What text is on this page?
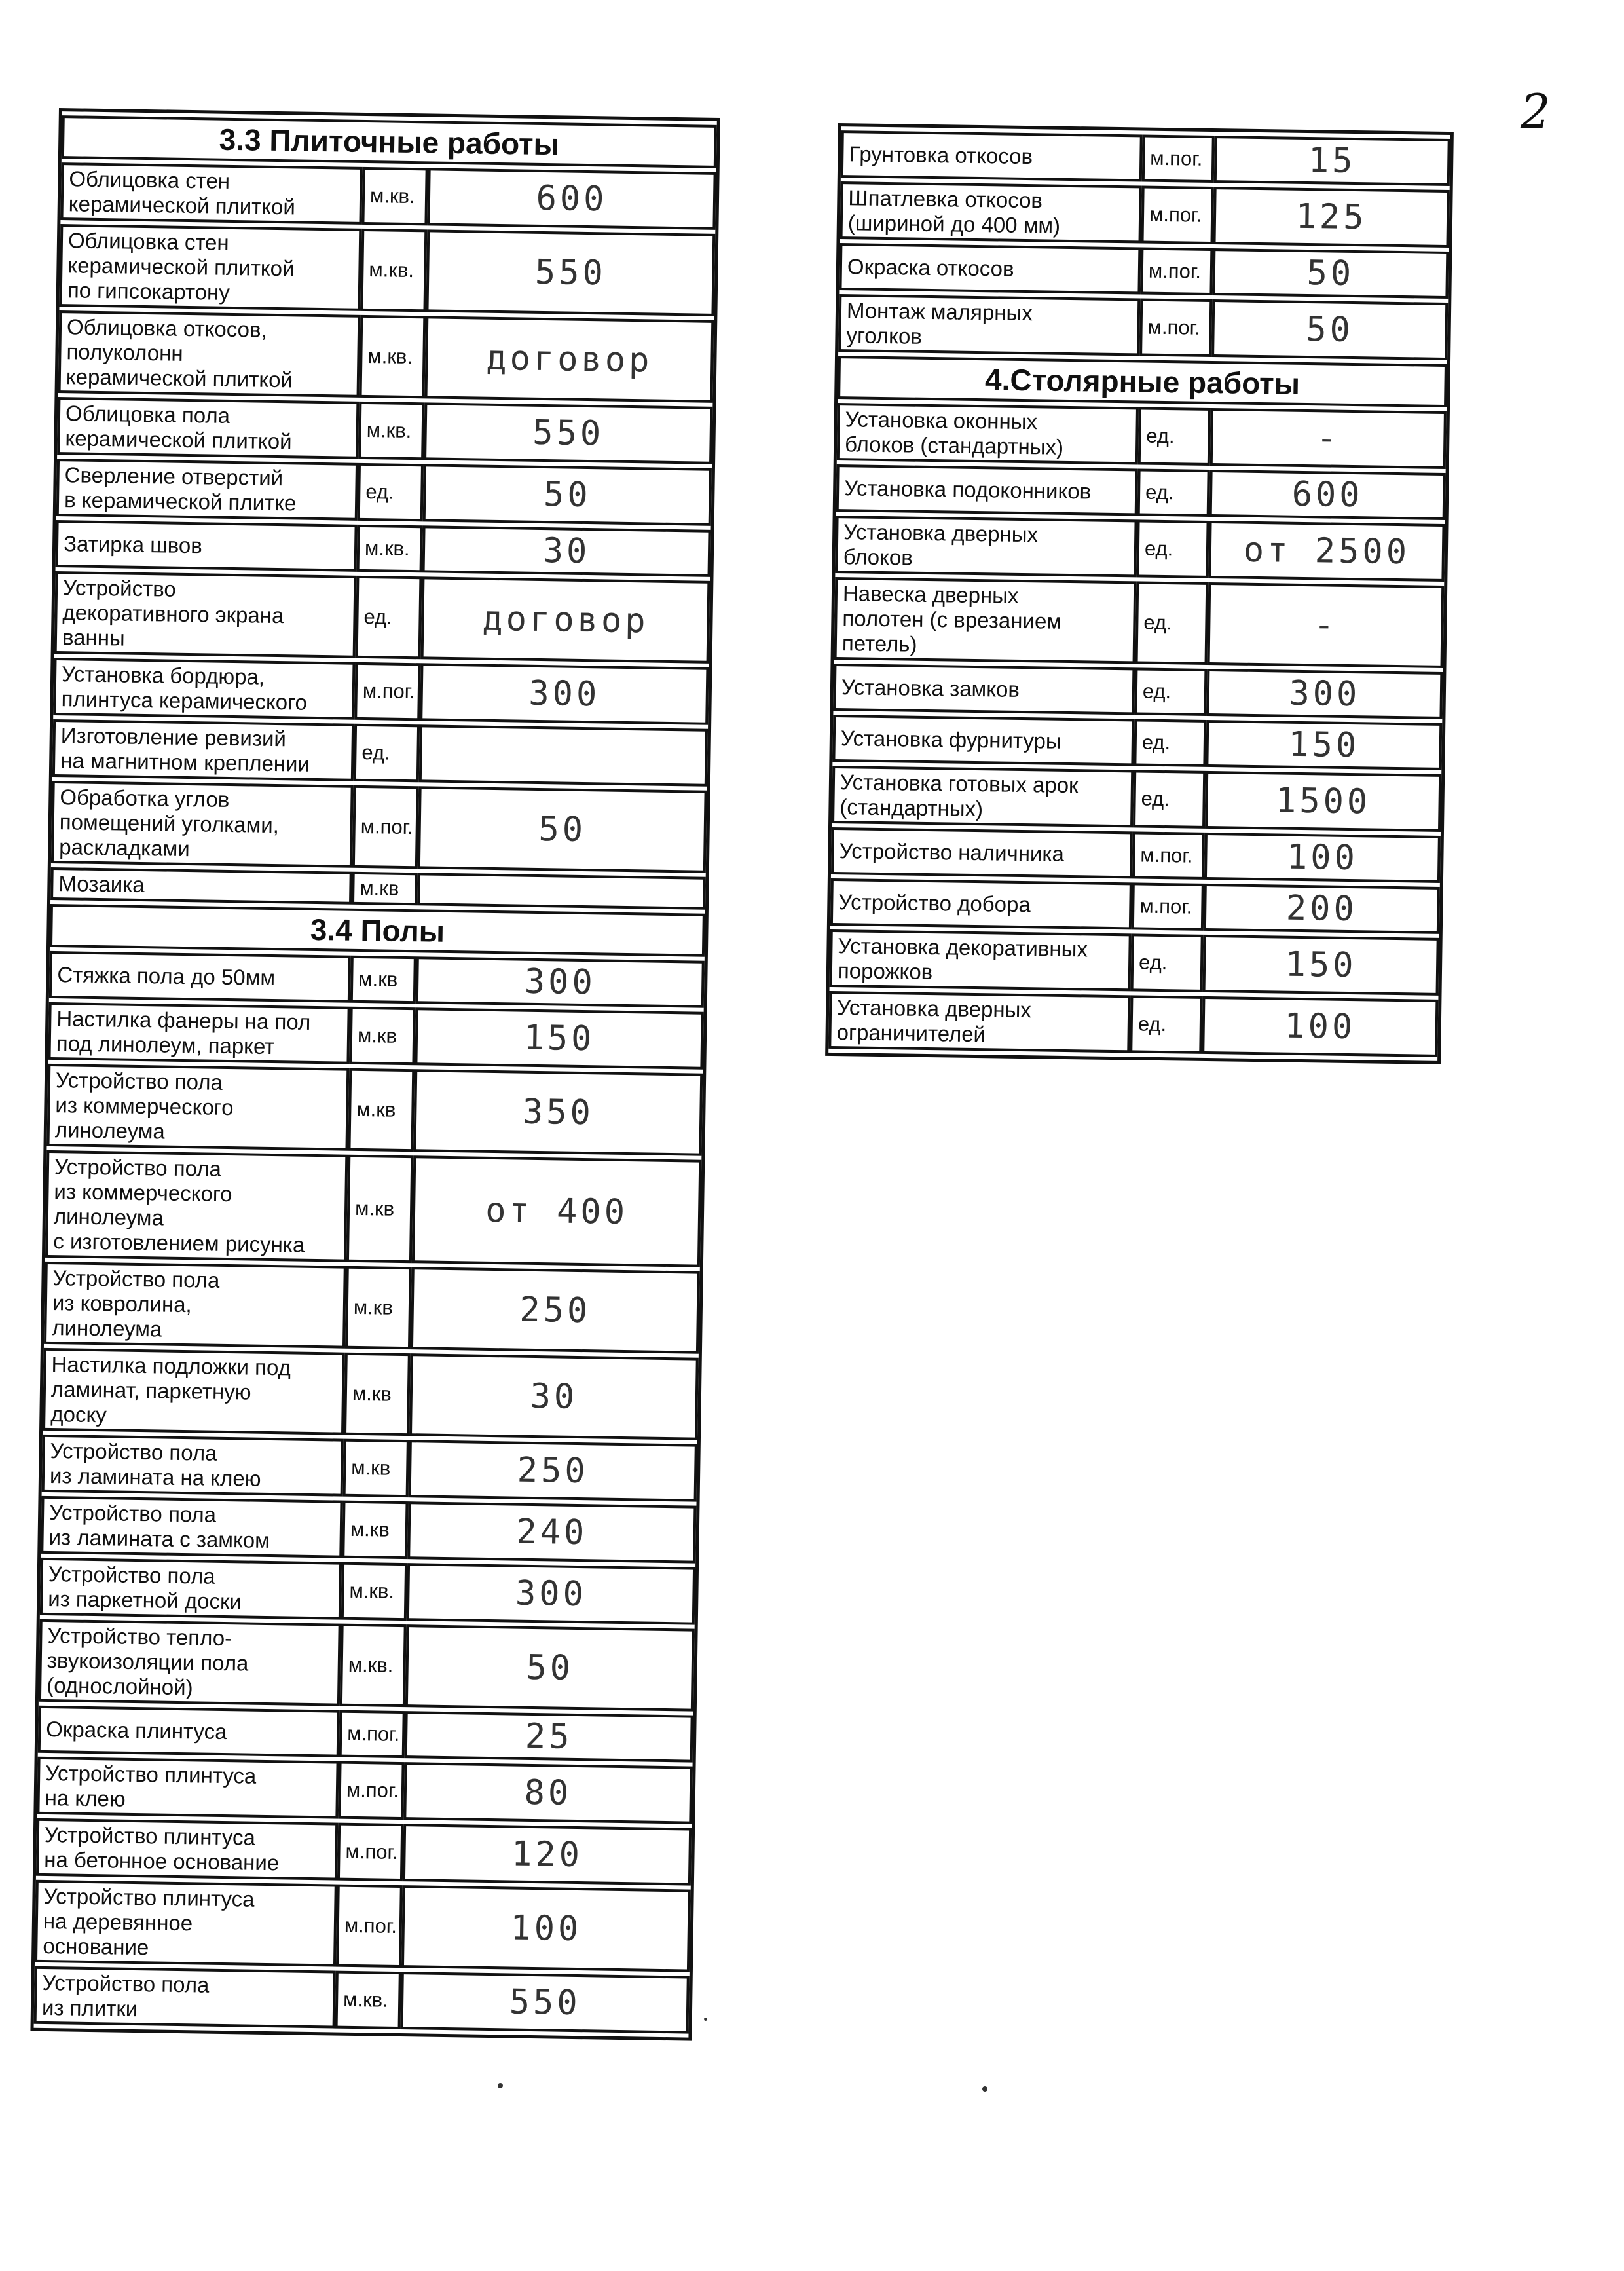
2
3.3 Плиточные работы		

Облицовка стен
керамической плиткой	м.кв.	600

Облицовка стен
керамической плиткой
по гипсокартону	м.кв.	550

Облицовка откосов,
полуколонн
керамической плиткой	м.кв.	договор

Облицовка пола
керамической плиткой	м.кв.	550

Сверление отверстий
в керамической плитке	ед.	50

Затирка швов	м.кв.	30

Устройство
декоративного экрана
ванны	ед.	договор

Установка бордюра,
плинтуса керамического	м.пог.	300

Изготовление ревизий
на магнитном креплении	ед.	

Обработка углов
помещений уголками,
раскладками	м.пог.	50

Мозаика	м.кв	
3.4 Полы		

Стяжка пола до 50мм	м.кв	300

Настилка фанеры на пол
под линолеум, паркет	м.кв	150

Устройство пола
из коммерческого
линолеума	м.кв	350

Устройство пола
из коммерческого
линолеума
с изготовлением рисунка	м.кв	от 400

Устройство пола
из ковролина,
линолеума	м.кв	250

Настилка подложки под
ламинат, паркетную
доску	м.кв	30

Устройство пола
из ламината на клею	м.кв	250

Устройство пола
из ламината с замком	м.кв	240

Устройство пола
из паркетной доски	м.кв.	300

Устройство тепло-
звукоизоляции пола
(однослойной)	м.кв.	50

Окраска плинтуса	м.пог.	25

Устройство плинтуса
на клею	м.пог.	80

Устройство плинтуса
на бетонное основание	м.пог.	120

Устройство плинтуса
на деревянное
основание	м.пог.	100

Устройство пола
из плитки	м.кв.	550
Грунтовка откосов	м.пог.	15

Шпатлевка откосов
(шириной до 400 мм)	м.пог.	125

Окраска откосов	м.пог.	50

Монтаж малярных
уголков	м.пог.	50
4.Столярные работы		

Установка оконных
блоков (стандартных)	ед.	-

Установка подоконников	ед.	600

Установка дверных
блоков	ед.	от 2500

Навеска дверных
полотен (с врезанием
петель)	ед.	-

Установка замков	ед.	300

Установка фурнитуры	ед.	150

Установка готовых арок
(стандартных)	ед.	1500

Устройство наличника	м.пог.	100

Устройство добора	м.пог.	200

Установка декоративных
порожков	ед.	150

Установка дверных
ограничителей	ед.	100
